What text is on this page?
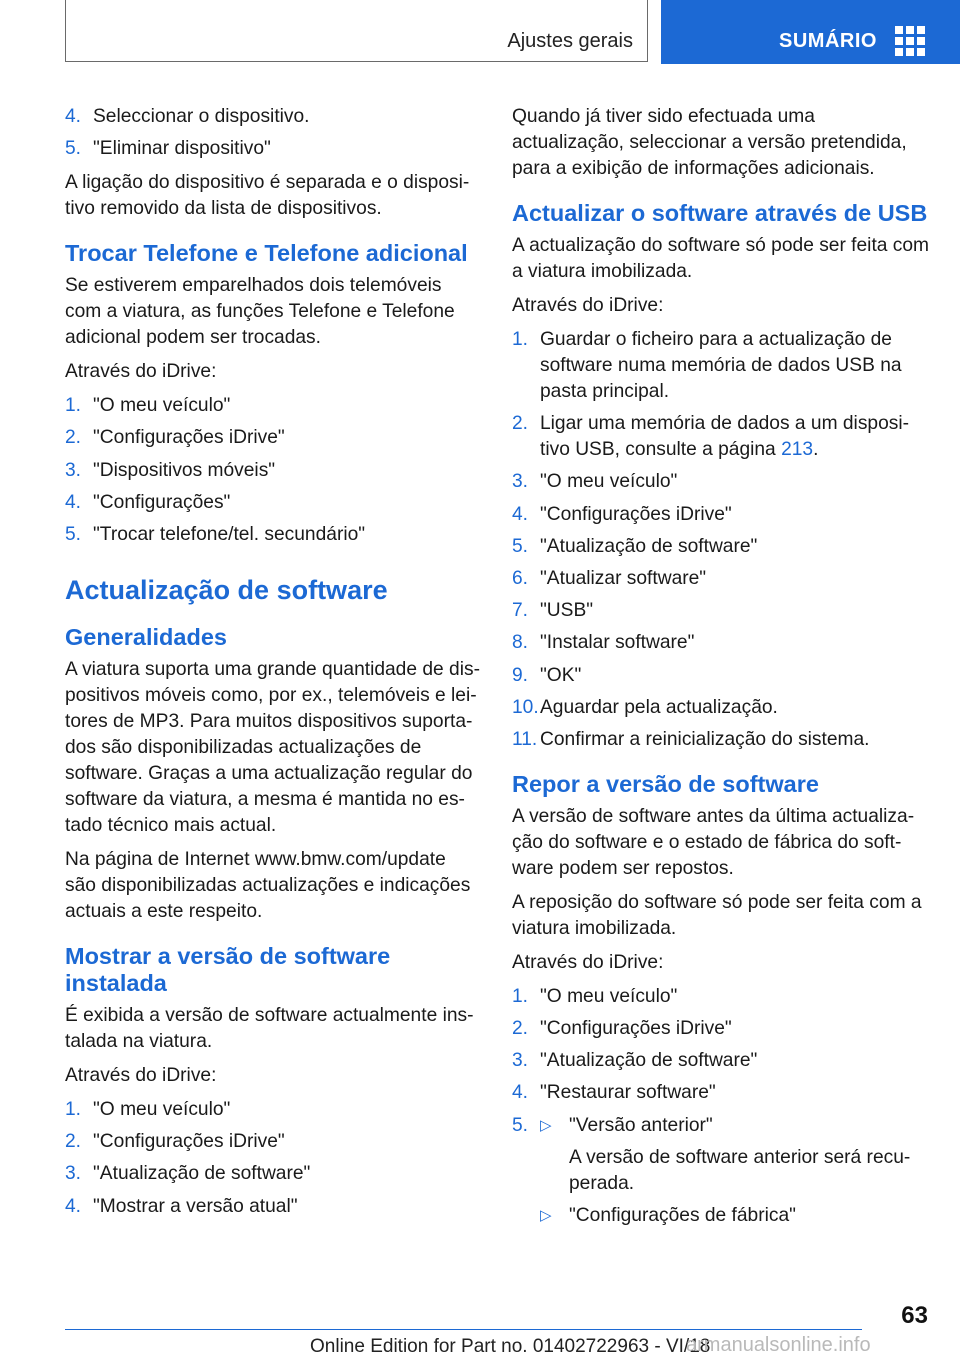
Ajustes gerais	SUMÁRIO
4. Seleccionar o dispositivo.
5. "Eliminar dispositivo"

A ligação do dispositivo é separada e o dispositivo removido da lista de dispositivos.

Trocar Telefone e Telefone adicional

Se estiverem emparelhados dois telemóveis com a viatura, as funções Telefone e Telefone adicional podem ser trocadas.

Através do iDrive:

1. "O meu veículo"
2. "Configurações iDrive"
3. "Dispositivos móveis"
4. "Configurações"
5. "Trocar telefone/tel. secundário"
Actualização de software
Generalidades

A viatura suporta uma grande quantidade de dispositivos móveis como, por ex., telemóveis e leitores de MP3. Para muitos dispositivos suportados são disponibilizadas actualizações de software. Graças a uma actualização regular do software da viatura, a mesma é mantida no estado técnico mais actual.

Na página de Internet www.bmw.com/update são disponibilizadas actualizações e indicações actuais a este respeito.

Mostrar a versão de software instalada

É exibida a versão de software actualmente instalada na viatura.

Através do iDrive:

1. "O meu veículo"
2. "Configurações iDrive"
3. "Atualização de software"
4. "Mostrar a versão atual"

Quando já tiver sido efectuada uma actualização, seleccionar a versão pretendida, para a exibição de informações adicionais.

Actualizar o software através de USB

A actualização do software só pode ser feita com a viatura imobilizada.

Através do iDrive:

1. Guardar o ficheiro para a actualização de software numa memória de dados USB na pasta principal.
2. Ligar uma memória de dados a um dispositivo USB, consulte a página 213.
3. "O meu veículo"
4. "Configurações iDrive"
5. "Atualização de software"
6. "Atualizar software"
7. "USB"
8. "Instalar software"
9. "OK"
10. Aguardar pela actualização.
11. Confirmar a reinicialização do sistema.
Repor a versão de software

A versão de software antes da última actualização do software e o estado de fábrica do software podem ser repostos.

A reposição do software só pode ser feita com a viatura imobilizada.

Através do iDrive:

1. "O meu veículo"
2. "Configurações iDrive"
3. "Atualização de software"
4. "Restaurar software"
5. ▷ "Versão anterior"
A versão de software anterior será recuperada.
▷ "Configurações de fábrica"
63
Online Edition for Part no. 01402722963 - VI/18
armanualsonline.info
